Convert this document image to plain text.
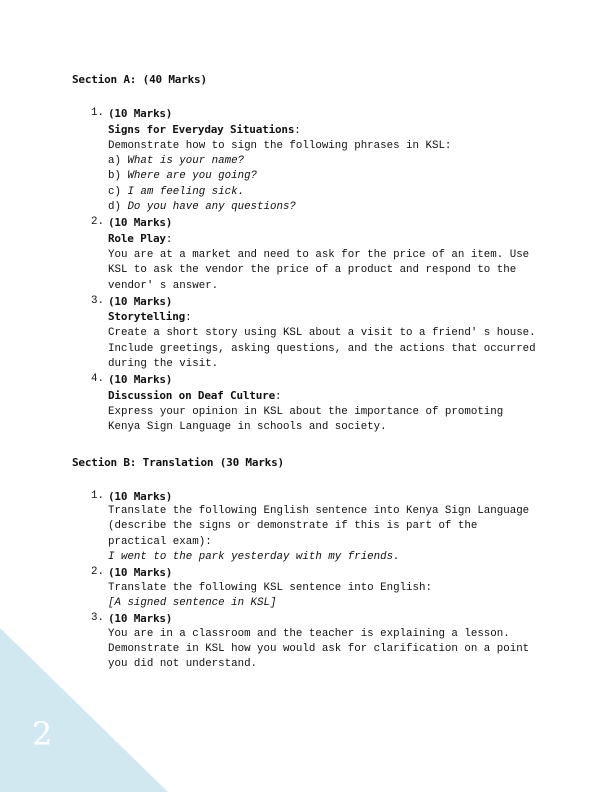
2
Section A: (40 Marks)
1. (10 Marks)
Signs for Everyday Situations:
Demonstrate how to sign the following phrases in KSL:
a) What is your name?
b) Where are you going?
c) I am feeling sick.
d) Do you have any questions?
2. (10 Marks)
Role Play:
You are at a market and need to ask for the price of an item. Use
KSL to ask the vendor the price of a product and respond to the
vendor' s answer.
3. (10 Marks)
Storytelling:
Create a short story using KSL about a visit to a friend' s house.
Include greetings, asking questions, and the actions that occurred
during the visit.
4. (10 Marks)
Discussion on Deaf Culture:
Express your opinion in KSL about the importance of promoting
Kenya Sign Language in schools and society.
Section B: Translation (30 Marks)
1. (10 Marks)
Translate the following English sentence into Kenya Sign Language
(describe the signs or demonstrate if this is part of the
practical exam):
I went to the park yesterday with my friends.
2. (10 Marks)
Translate the following KSL sentence into English:
[A signed sentence in KSL]
3. (10 Marks)
You are in a classroom and the teacher is explaining a lesson.
Demonstrate in KSL how you would ask for clarification on a point
you did not understand.
